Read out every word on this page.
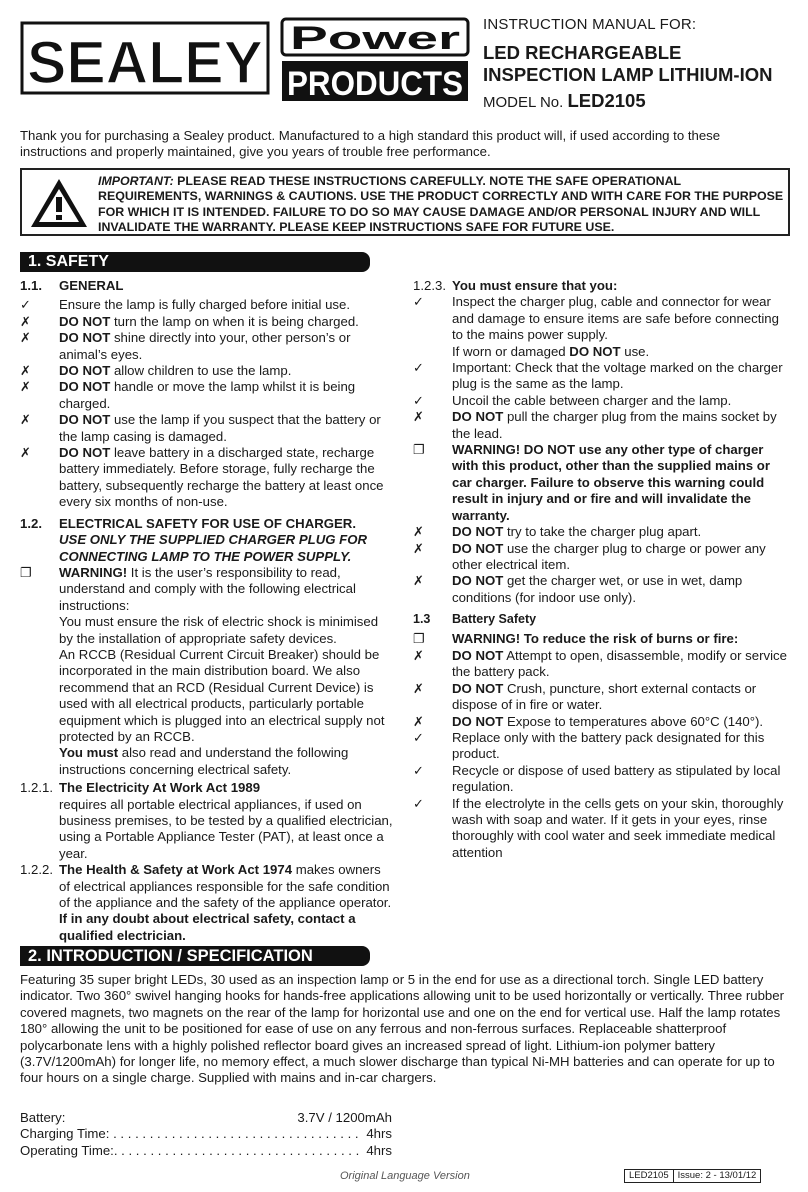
SEALEY Power
PRODUCTS
INSTRUCTION MANUAL FOR:
LED RECHARGEABLE
INSPECTION LAMP LITHIUM-ION
MODEL No. LED2105
Thank you for purchasing a Sealey product. Manufactured to a high standard this product will, if used according to these instructions and properly maintained, give you years of trouble free performance.
IMPORTANT: PLEASE READ THESE INSTRUCTIONS CAREFULLY. NOTE THE SAFE OPERATIONAL REQUIREMENTS, WARNINGS & CAUTIONS. USE THE PRODUCT CORRECTLY AND WITH CARE FOR THE PURPOSE FOR WHICH IT IS INTENDED. FAILURE TO DO SO MAY CAUSE DAMAGE AND/OR PERSONAL INJURY AND WILL INVALIDATE THE WARRANTY. PLEASE KEEP INSTRUCTIONS SAFE FOR FUTURE USE.
1. SAFETY
1.1. GENERAL
✓	Ensure the lamp is fully charged before initial use.
✗	DO NOT turn the lamp on when it is being charged.
✗	DO NOT shine directly into your, other person’s or animal’s eyes.
✗	DO NOT allow children to use the lamp.
✗	DO NOT handle or move the lamp whilst it is being charged.
✗	DO NOT use the lamp if you suspect that the battery or the lamp casing is damaged.
✗	DO NOT leave battery in a discharged state, recharge battery immediately. Before storage, fully recharge the battery, subsequently recharge the battery at least once every six months of non-use.
1.2. ELECTRICAL SAFETY FOR USE OF CHARGER.
USE ONLY THE SUPPLIED CHARGER PLUG FOR CONNECTING LAMP TO THE POWER SUPPLY.
❐	WARNING! It is the user’s responsibility to read, understand and comply with the following electrical instructions:
You must ensure the risk of electric shock is minimised by the installation of appropriate safety devices.
An RCCB (Residual Current Circuit Breaker) should be incorporated in the main distribution board. We also recommend that an RCD (Residual Current Device) is used with all electrical products, particularly portable equipment which is plugged into an electrical supply not protected by an RCCB.
You must also read and understand the following instructions concerning electrical safety.
1.2.1. The Electricity At Work Act 1989
requires all portable electrical appliances, if used on business premises, to be tested by a qualified electrician, using a Portable Appliance Tester (PAT), at least once a year.
1.2.2. The Health & Safety at Work Act 1974 makes owners of electrical appliances responsible for the safe condition of the appliance and the safety of the appliance operator.
If in any doubt about electrical safety, contact a qualified electrician.
1.2.3. You must ensure that you:
✓	Inspect the charger plug, cable and connector for wear and damage to ensure items are safe before connecting to the mains power supply.
If worn or damaged DO NOT use.
✓	Important: Check that the voltage marked on the charger plug is the same as the lamp.
✓	Uncoil the cable between charger and the lamp.
✗	DO NOT pull the charger plug from the mains socket by the lead.
❐	WARNING! DO NOT use any other type of charger with this product, other than the supplied mains or car charger. Failure to observe this warning could result in injury and or fire and will invalidate the warranty.
✗	DO NOT try to take the charger plug apart.
✗	DO NOT use the charger plug to charge or power any other electrical item.
✗	DO NOT get the charger wet, or use in wet, damp conditions (for indoor use only).
1.3 Battery Safety
❐	WARNING! To reduce the risk of burns or fire:
✗	DO NOT Attempt to open, disassemble, modify or service the battery pack.
✗	DO NOT Crush, puncture, short external contacts or dispose of in fire or water.
✗	DO NOT Expose to temperatures above 60°C (140°).
✓	Replace only with the battery pack designated for this product.
✓	Recycle or dispose of used battery as stipulated by local regulation.
✓	If the electrolyte in the cells gets on your skin, thoroughly wash with soap and water. If it gets in your eyes, rinse thoroughly with cool water and seek immediate medical attention
2. INTRODUCTION / SPECIFICATION
Featuring 35 super bright LEDs, 30 used as an inspection lamp or 5 in the end for use as a directional torch. Single LED battery indicator. Two 360° swivel hanging hooks for hands-free applications allowing unit to be used horizontally or vertically. Three rubber covered magnets, two magnets on the rear of the lamp for horizontal use and one on the end for vertical use. Half the lamp rotates 180° allowing the unit to be positioned for ease of use on any ferrous and non-ferrous surfaces. Replaceable shatterproof polycarbonate lens with a highly polished reflector board gives an increased spread of light. Lithium-ion polymer battery (3.7V/1200mAh) for longer life, no memory effect, a much slower discharge than typical Ni-MH batteries and can operate for up to four hours on a single charge. Supplied with mains and in-car chargers.
Battery:	3.7V / 1200mAh
Charging Time: . . . . . . . . . . . . . . . . . . . . . . . . . . . . . . . . . . 4hrs
Operating Time:. . . . . . . . . . . . . . . . . . . . . . . . . . . . . . . . . . 4hrs
Original Language Version	LED2105 Issue: 2 - 13/01/12
